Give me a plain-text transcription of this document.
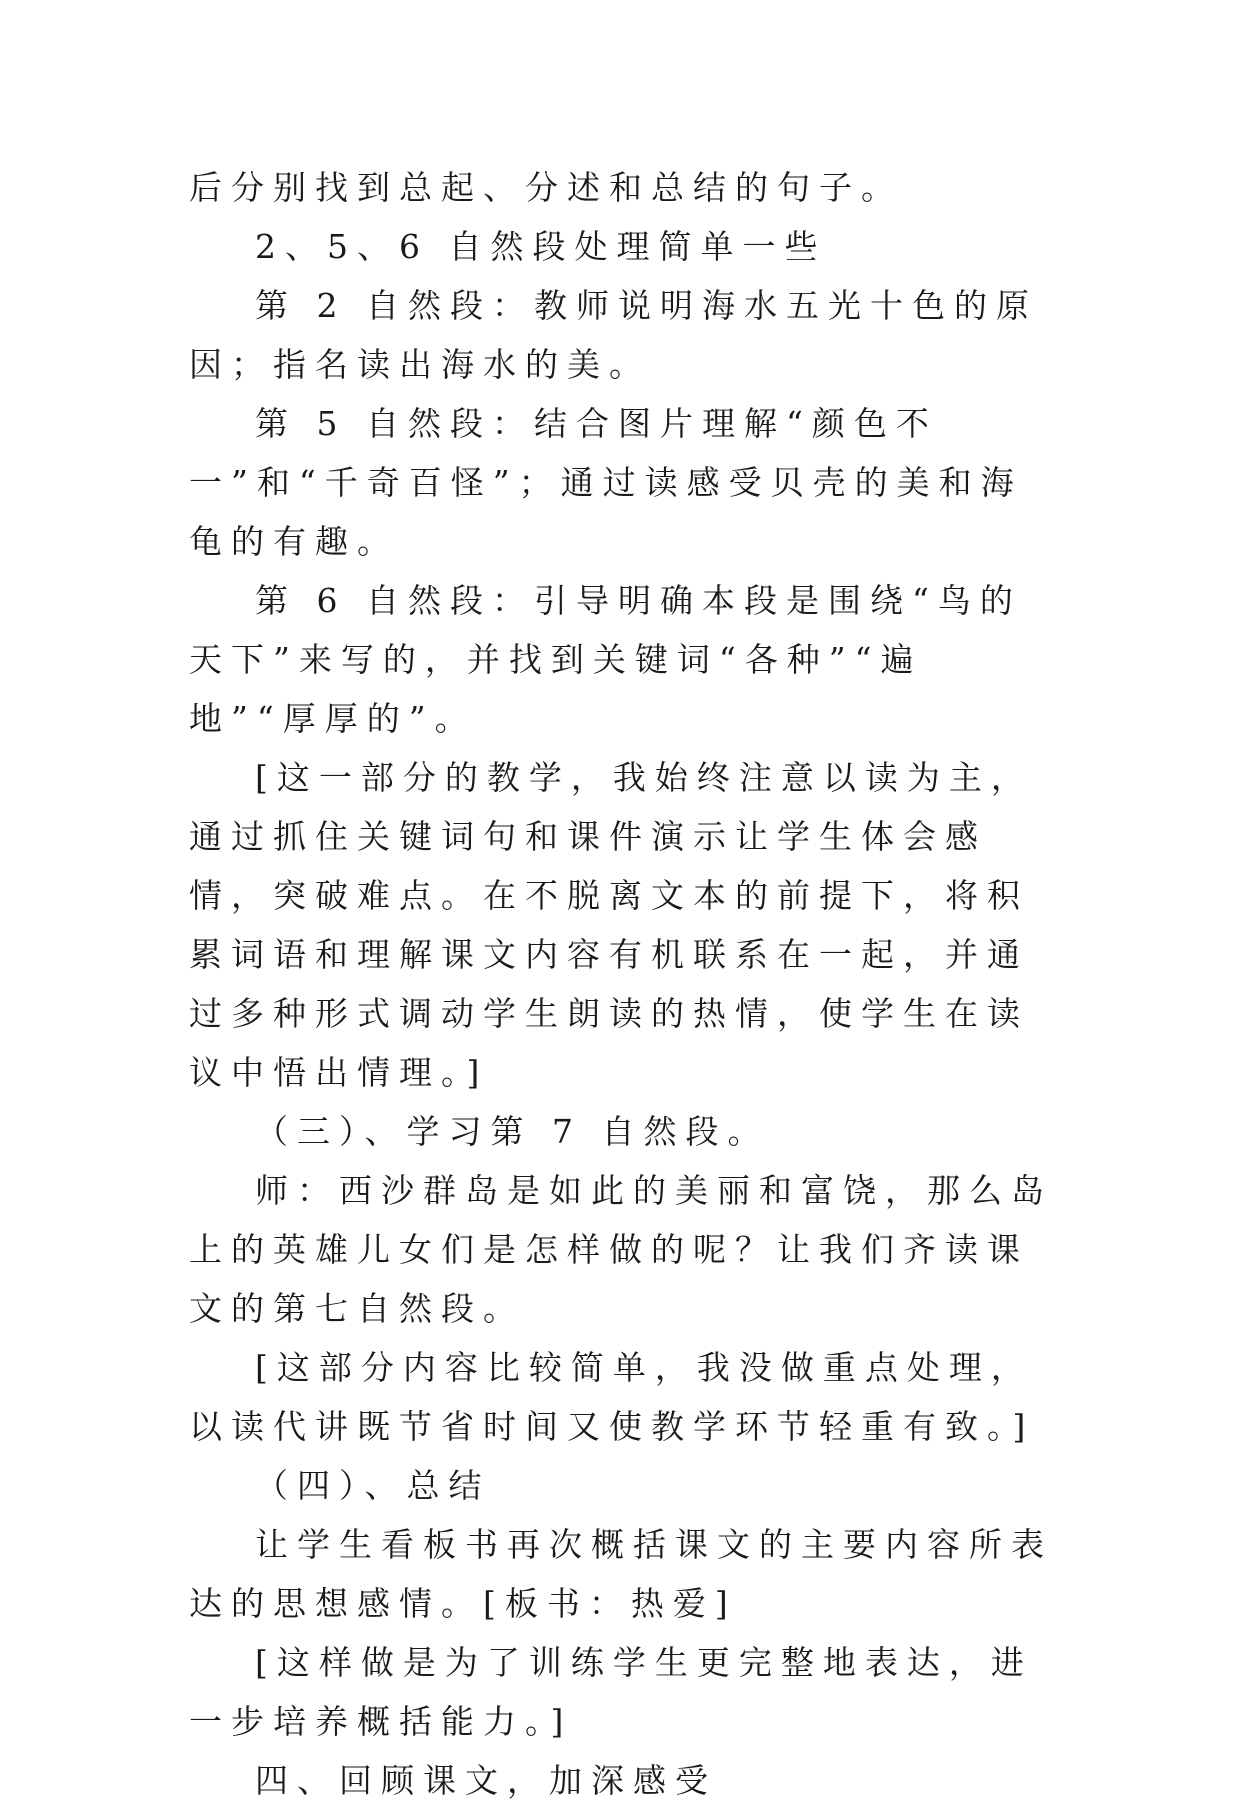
后分别找到总起、分述和总结的句子。

2、5、6 自然段处理简单一些

第 2 自然段：教师说明海水五光十色的原因；指名读出海水的美。

第 5 自然段：结合图片理解“颜色不一”和“千奇百怪”；通过读感受贝壳的美和海龟的有趣。

第 6 自然段：引导明确本段是围绕“鸟的天下”来写的，并找到关键词“各种”“遍地”“厚厚的”。

[这一部分的教学，我始终注意以读为主，通过抓住关键词句和课件演示让学生体会感情，突破难点。在不脱离文本的前提下，将积累词语和理解课文内容有机联系在一起，并通过多种形式调动学生朗读的热情，使学生在读议中悟出情理。]

（三）、学习第 7 自然段。

师：西沙群岛是如此的美丽和富饶，那么岛上的英雄儿女们是怎样做的呢？让我们齐读课文的第七自然段。

[这部分内容比较简单，我没做重点处理，以读代讲既节省时间又使教学环节轻重有致。]

（四）、总结

让学生看板书再次概括课文的主要内容所表达的思想感情。[板书：热爱]

[这样做是为了训练学生更完整地表达，进一步培养概括能力。]

四、回顾课文，加深感受
